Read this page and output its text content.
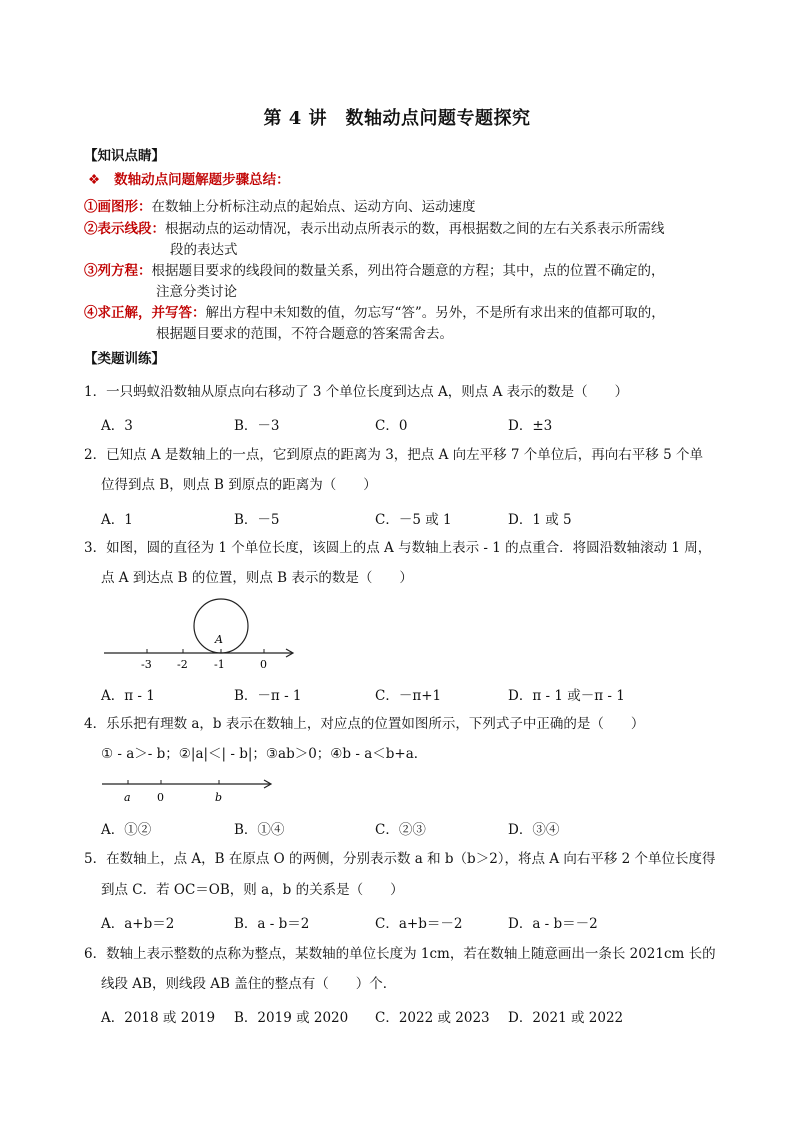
第 4 讲　数轴动点问题专题探究
【知识点睛】
❖ 数轴动点问题解题步骤总结：
①画图形：在数轴上分析标注动点的起始点、运动方向、运动速度
②表示线段：根据动点的运动情况，表示出动点所表示的数，再根据数之间的左右关系表示所需线
段的表达式
③列方程：根据题目要求的线段间的数量关系，列出符合题意的方程；其中，点的位置不确定的，
注意分类讨论
④求正解，并写答：解出方程中未知数的值，勿忘写“答”。另外，不是所有求出来的值都可取的，
根据题目要求的范围，不符合题意的答案需舍去。
【类题训练】
1．一只蚂蚁沿数轴从原点向右移动了 3 个单位长度到达点 A，则点 A 表示的数是（　　）
A．3	B．－3	C．0	D．±3
2．已知点 A 是数轴上的一点，它到原点的距离为 3，把点 A 向左平移 7 个单位后，再向右平移 5 个单
位得到点 B，则点 B 到原点的距离为（　　）
A．1	B．－5	C．－5 或 1	D．1 或 5
3．如图，圆的直径为 1 个单位长度，该圆上的点 A 与数轴上表示 - 1 的点重合．将圆沿数轴滚动 1 周，
点 A 到达点 B 的位置，则点 B 表示的数是（　　）
A
-3 -2 -1	0
A．π - 1	B．－π - 1	C．－π+1	D．π - 1 或－π - 1
4．乐乐把有理数 a，b 表示在数轴上，对应点的位置如图所示，下列式子中正确的是（　　）
① - a＞- b；②|a|＜| - b|；③ab＞0；④b - a＜b+a．
a 0	b
A．①②	B．①④	C．②③	D．③④
5．在数轴上，点 A，B 在原点 O 的两侧，分别表示数 a 和 b（b＞2），将点 A 向右平移 2 个单位长度得
到点 C．若 OC＝OB，则 a，b 的关系是（　　）
A．a+b＝2	B．a - b＝2	C．a+b＝－2	D．a - b＝－2
6．数轴上表示整数的点称为整点，某数轴的单位长度为 1cm，若在数轴上随意画出一条长 2021cm 长的
线段 AB，则线段 AB 盖住的整点有（　　）个．
A．2018 或 2019 B．2019 或 2020 C．2022 或 2023 D．2021 或 2022
